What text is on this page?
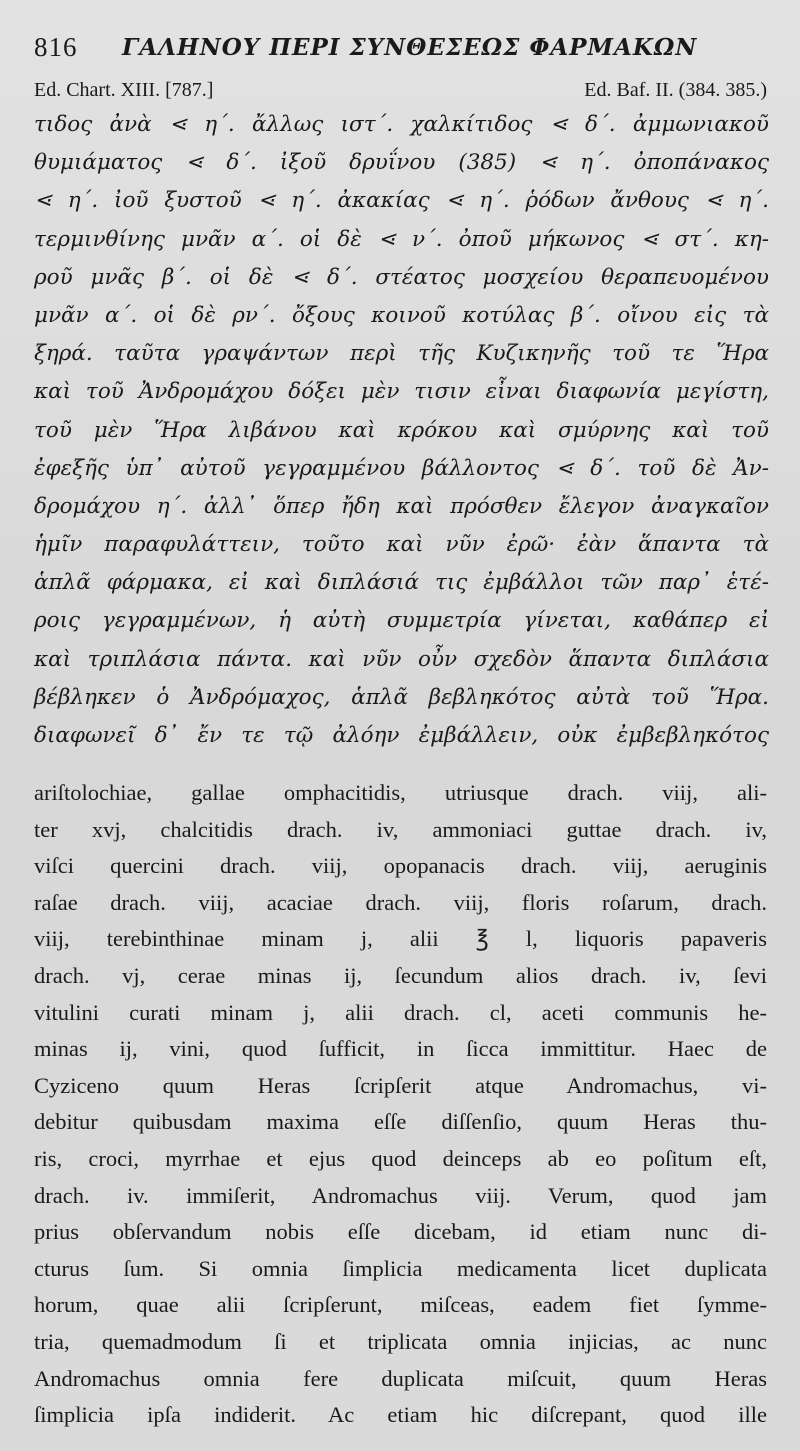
816 ΓΑΛΗΝΟΥ ΠΕΡΙ ΣΥΝΘΕΣΕΩΣ ΦΑΡΜΑΚΩΝ
Ed. Chart. XIII. [787.]	Ed. Baf. II. (384. 385.)
τιδος ἀνὰ ⋖ η΄. ἄλλως ιστ΄. χαλκίτιδος ⋖ δ΄. ἀμμωνιακοῦ
θυμιάματος ⋖ δ΄. ἰξοῦ δρυΐνου (385) ⋖ η΄. ὀποπάνακος
⋖ η΄. ἰοῦ ξυστοῦ ⋖ η΄. ἀκακίας ⋖ η΄. ῥόδων ἄνθους ⋖ η΄.
τερμινθίνης μνᾶν α΄. οἱ δὲ ⋖ ν΄. ὀποῦ μήκωνος ⋖ στ΄. κη-
ροῦ μνᾶς β΄. οἱ δὲ ⋖ δ΄. στέατος μοσχείου θεραπευομένου
μνᾶν α΄. οἱ δὲ ρν΄. ὄξους κοινοῦ κοτύλας β΄. οἴνου εἰς τὰ
ξηρά. ταῦτα γραψάντων περὶ τῆς Κυζικηνῆς τοῦ τε Ἥρα
καὶ τοῦ Ἀνδρομάχου δόξει μὲν τισιν εἶναι διαφωνία μεγίστη,
τοῦ μὲν Ἥρα λιβάνου καὶ κρόκου καὶ σμύρνης καὶ τοῦ
ἐφεξῆς ὑπ᾽ αὐτοῦ γεγραμμένου βάλλοντος ⋖ δ΄. τοῦ δὲ Ἀν-
δρομάχου η΄. ἀλλ᾽ ὅπερ ἤδη καὶ πρόσθεν ἔλεγον ἀναγκαῖον
ἡμῖν παραφυλάττειν, τοῦτο καὶ νῦν ἐρῶ· ἐὰν ἅπαντα τὰ
ἁπλᾶ φάρμακα, εἰ καὶ διπλάσιά τις ἐμβάλλοι τῶν παρ᾽ ἑτέ-
ροις γεγραμμένων, ἡ αὐτὴ συμμετρία γίνεται, καθάπερ εἰ
καὶ τριπλάσια πάντα. καὶ νῦν οὖν σχεδὸν ἅπαντα διπλάσια
βέβληκεν ὁ Ἀνδρόμαχος, ἁπλᾶ βεβληκότος αὐτὰ τοῦ Ἥρα.
διαφωνεῖ δ᾽ ἔν τε τῷ ἀλόην ἐμβάλλειν, οὐκ ἐμβεβληκότος
ariſtolochiae, gallae omphacitidis, utriusque drach. viij, ali-
ter xvj, chalcitidis drach. iv, ammoniaci guttae drach. iv,
viſci quercini drach. viij, opopanacis drach. viij, aeruginis
raſae drach. viij, acaciae drach. viij, floris roſarum, drach.
viij, terebinthinae minam j, alii ℥ l, liquoris papaveris
drach. vj, cerae minas ij, ſecundum alios drach. iv, ſevi
vitulini curati minam j, alii drach. cl, aceti communis he-
minas ij, vini, quod ſufficit, in ſicca immittitur. Haec de
Cyziceno quum Heras ſcripſerit atque Andromachus, vi-
debitur quibusdam maxima eſſe diſſenſio, quum Heras thu-
ris, croci, myrrhae et ejus quod deinceps ab eo poſitum eſt,
drach. iv. immiſerit, Andromachus viij. Verum, quod jam
prius obſervandum nobis eſſe dicebam, id etiam nunc di-
cturus ſum. Si omnia ſimplicia medicamenta licet duplicata
horum, quae alii ſcripſerunt, miſceas, eadem fiet ſymme-
tria, quemadmodum ſi et triplicata omnia injicias, ac nunc
Andromachus omnia fere duplicata miſcuit, quum Heras
ſimplicia ipſa indiderit. Ac etiam hic diſcrepant, quod ille
